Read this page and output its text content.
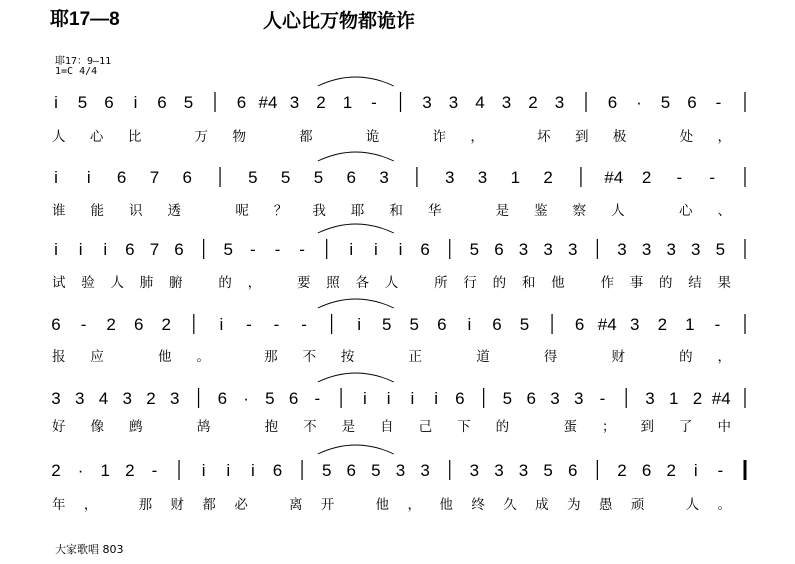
耶17—8	人心比万物都诡诈
耶17：9—11
1=C 4/4
i 5 6 i 6 5	6 #4 3 2 1 -	3 3 4 3 2 3	6 · 5 6 -
人心比 万物 都 诡 诈， 坏到极 处，
i i 6 7 6	5 5 5 6 3	3 3 1 2	#4 2 - -
谁能识透 呢？我耶和华 是鉴察人 心、
i i i 6 7 6 5 - - -	i i i 6 5 6 3 3 3 3 3 3 3 5
试验人肺腑 的， 要照各人 所行的和他 作事的结果
6 - 2 6 2	i - - -	i 5 5 6 i 6 5	6 #4 3 2 1 -
报应 他。 那不按 正 道 得 财 的，
3 3 4 3 2 3 6 · 5 6 -	i i i i 6 5 6 3 3 - 3 1 2 #4
好像鹧 鸪 抱不是自己下的 蛋；到了中
2 · 1 2 -	i i i 6 5 6 5 3 3 3 3 3 5 6 2 6 2 i -
年， 那财都必 离开 他，他终久成为愚顽 人。
大家歌唱 803
